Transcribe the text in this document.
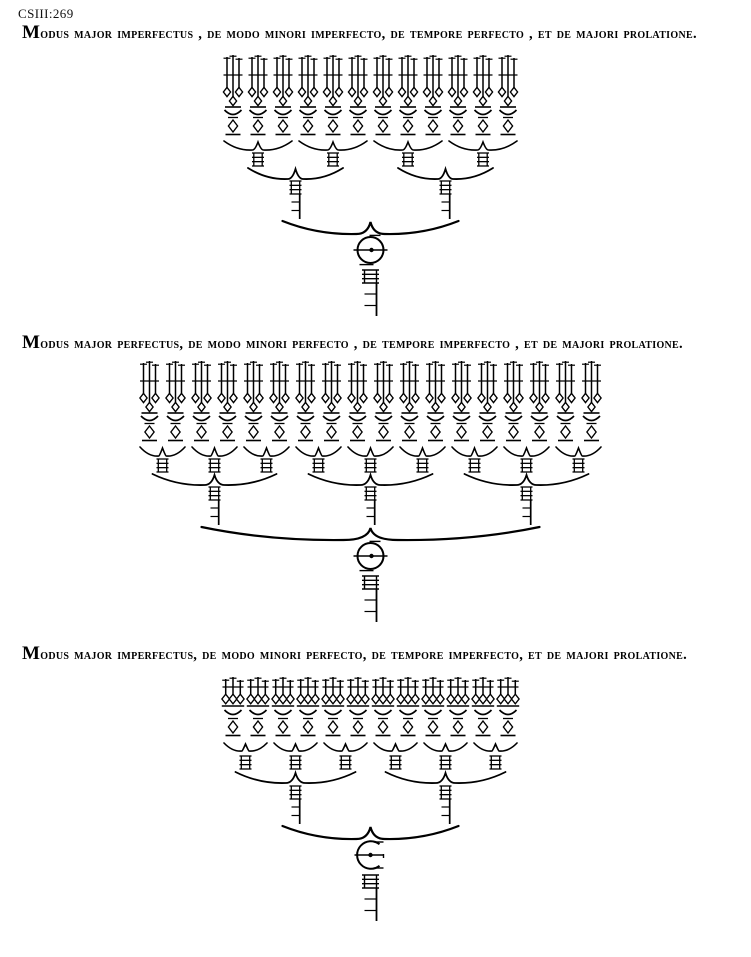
CSIII:269
Modus major imperfectus , de modo minori imperfecto, de tempore perfecto , et de majori prolatione.
Modus major perfectus, de modo minori perfecto , de tempore imperfecto , et de majori prolatione.
Modus major imperfectus, de modo minori perfecto, de tempore imperfecto, et de majori prolatione.
